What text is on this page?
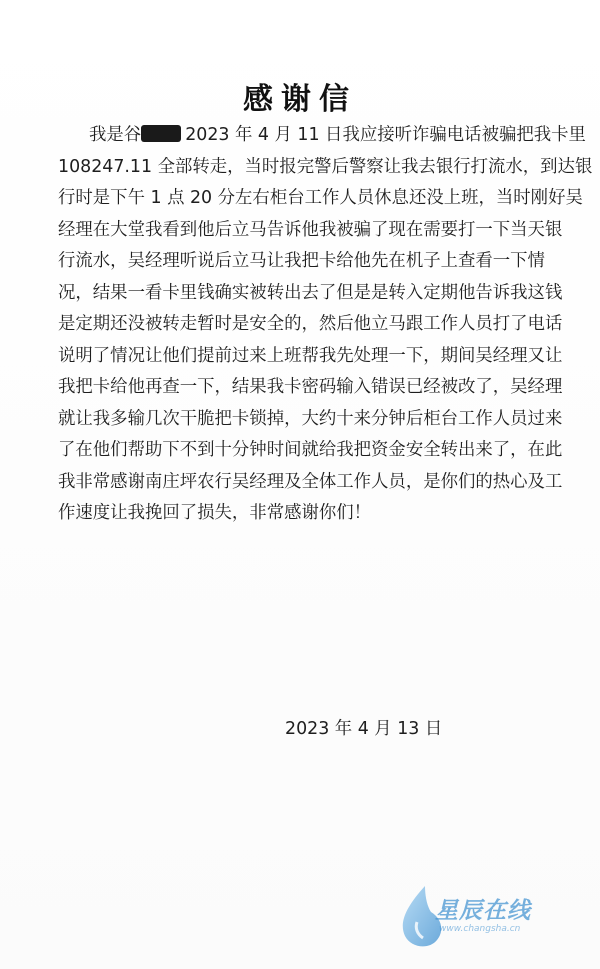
感谢信
我是谷	2023 年 4 月 11 日我应接听诈骗电话被骗把我卡里
108247.11 全部转走，当时报完警后警察让我去银行打流水，到达银
行时是下午 1 点 20 分左右柜台工作人员休息还没上班，当时刚好吴
经理在大堂我看到他后立马告诉他我被骗了现在需要打一下当天银
行流水，吴经理听说后立马让我把卡给他先在机子上查看一下情
况，结果一看卡里钱确实被转出去了但是是转入定期他告诉我这钱
是定期还没被转走暂时是安全的，然后他立马跟工作人员打了电话
说明了情况让他们提前过来上班帮我先处理一下，期间吴经理又让
我把卡给他再查一下，结果我卡密码输入错误已经被改了，吴经理
就让我多输几次干脆把卡锁掉，大约十来分钟后柜台工作人员过来
了在他们帮助下不到十分钟时间就给我把资金安全转出来了，在此
我非常感谢南庄坪农行吴经理及全体工作人员，是你们的热心及工
作速度让我挽回了损失，非常感谢你们！
2023 年 4 月 13 日
星辰在线
www.changsha.cn
